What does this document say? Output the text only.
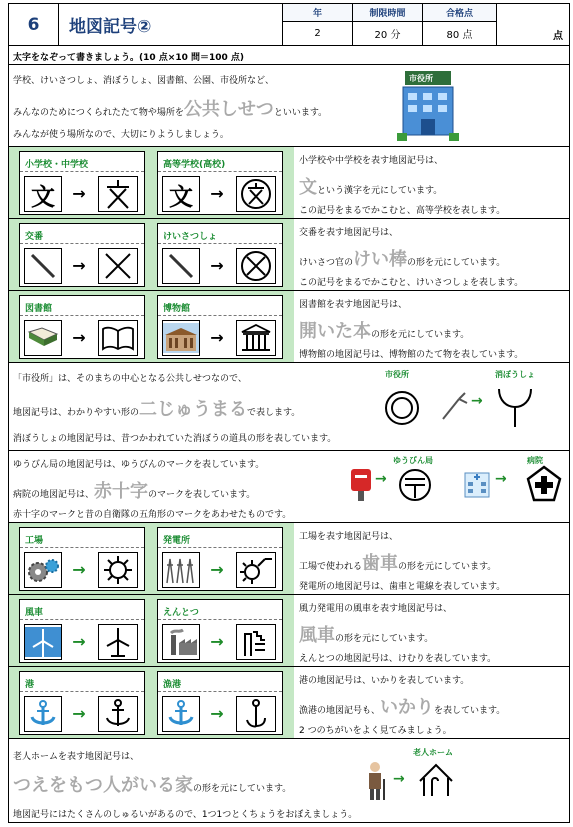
6	地図記号②
年
2
制限時間
20 分
合格点
80 点	点
太字をなぞって書きましょう。(10 点×10 問＝100 点)
学校、けいさつしょ、消ぼうしょ、図書館、公園、市役所など、
みんなのためにつくられたたて物や場所を公共しせつといいます。
みんなが使う場所なので、大切にりようしましょう。
市役所
小学校・中学校
文	→
高等学校(高校)
文	→
小学校や中学校を表す地図記号は、
文という漢字を元にしています。
この記号をまるでかこむと、高等学校を表します。
交番
→
けいさつしょ
→
交番を表す地図記号は、
けいさつ官のけい棒の形を元にしています。
この記号をまるでかこむと、けいさつしょを表します。
図書館
→
博物館
→
図書館を表す地図記号は、
開いた本の形を元にしています。
博物館の地図記号は、博物館のたて物を表しています。
「市役所」は、そのまちの中心となる公共しせつなので、
地図記号は、わかりやすい形の二じゅうまるで表します。
消ぼうしょの地図記号は、昔つかわれていた消ぼうの道具の形を表しています。
市役所	消ぼうしょ
→
ゆうびん局の地図記号は、ゆうびんのマークを表しています。
病院の地図記号は、赤十字のマークを表しています。
赤十字のマークと昔の自衛隊の五角形のマークをあわせたものです。
ゆうびん局
→
病院
→
工場
→
発電所
→
工場を表す地図記号は、
工場で使われる歯車の形を元にしています。
発電所の地図記号は、歯車と電線を表しています。
風車
→
えんとつ
→
風力発電用の風車を表す地図記号は、
風車の形を元にしています。
えんとつの地図記号は、けむりを表しています。
港
→
漁港
→
港の地図記号は、いかりを表しています。
漁港の地図記号も、いかりを表しています。
2 つのちがいをよく見てみましょう。
老人ホームを表す地図記号は、
つえをもつ人がいる家の形を元にしています。
地図記号にはたくさんのしゅるいがあるので、1つ1つとくちょうをおぼえましょう。
老人ホーム
→
